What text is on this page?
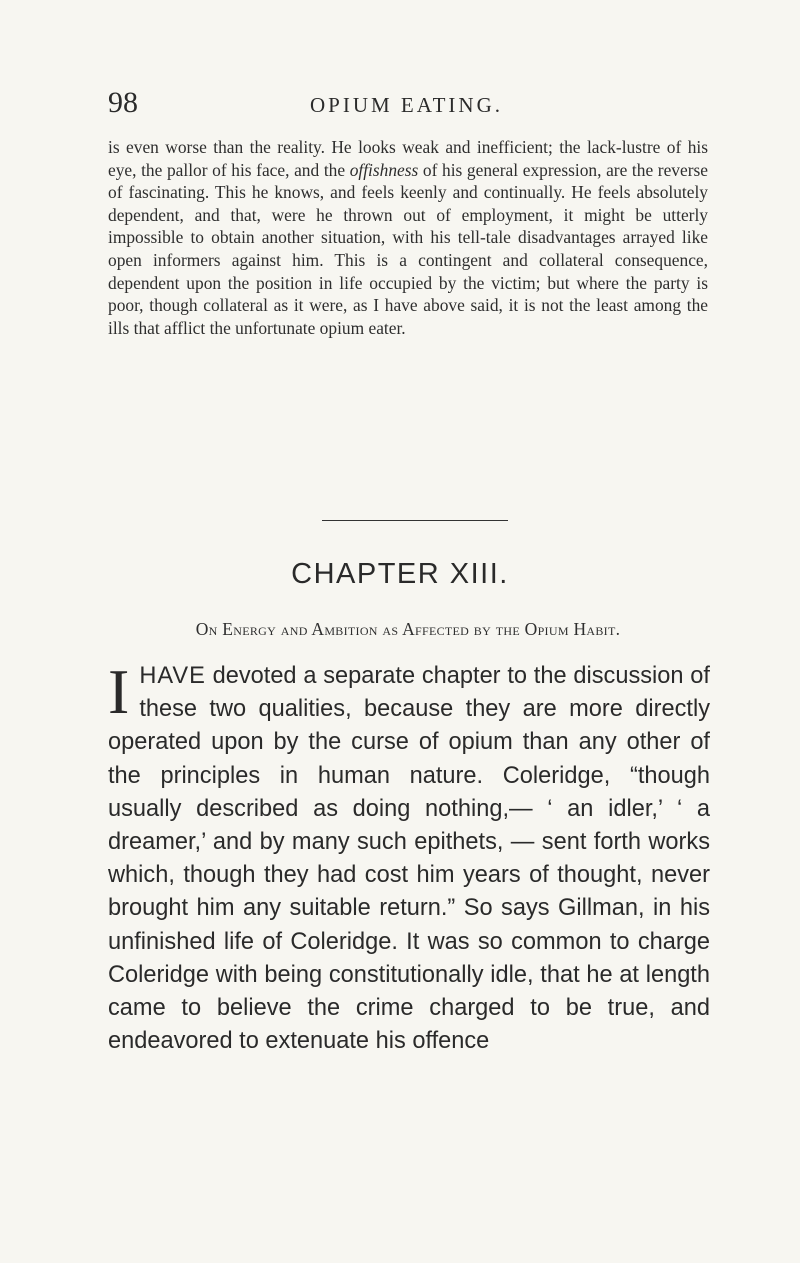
98	OPIUM EATING.

is even worse than the reality. He looks weak and inefficient; the lack-lustre of his eye, the pallor of his face, and the offishness of his general expression, are the reverse of fascinating. This he knows, and feels keenly and continually. He feels absolutely dependent, and that, were he thrown out of employment, it might be utterly impossible to obtain another situation, with his tell-tale disadvantages arrayed like open informers against him. This is a contingent and collateral consequence, dependent upon the position in life occupied by the victim; but where the party is poor, though collateral as it were, as I have above said, it is not the least among the ills that afflict the unfortunate opium eater.

CHAPTER XIII.
On Energy and Ambition as Affected by the Opium Habit.

IHAVE devoted a separate chapter to the discussion of these two qualities, because they are more directly operated upon by the curse of opium than any other of the principles in human nature. Coleridge, “though usually described as doing nothing,— ‘ an idler,’ ‘ a dreamer,’ and by many such epithets, — sent forth works which, though they had cost him years of thought, never brought him any suitable return.” So says Gillman, in his unfinished life of Coleridge. It was so common to charge Coleridge with being constitutionally idle, that he at length came to believe the crime charged to be true, and endeavored to extenuate his offence
